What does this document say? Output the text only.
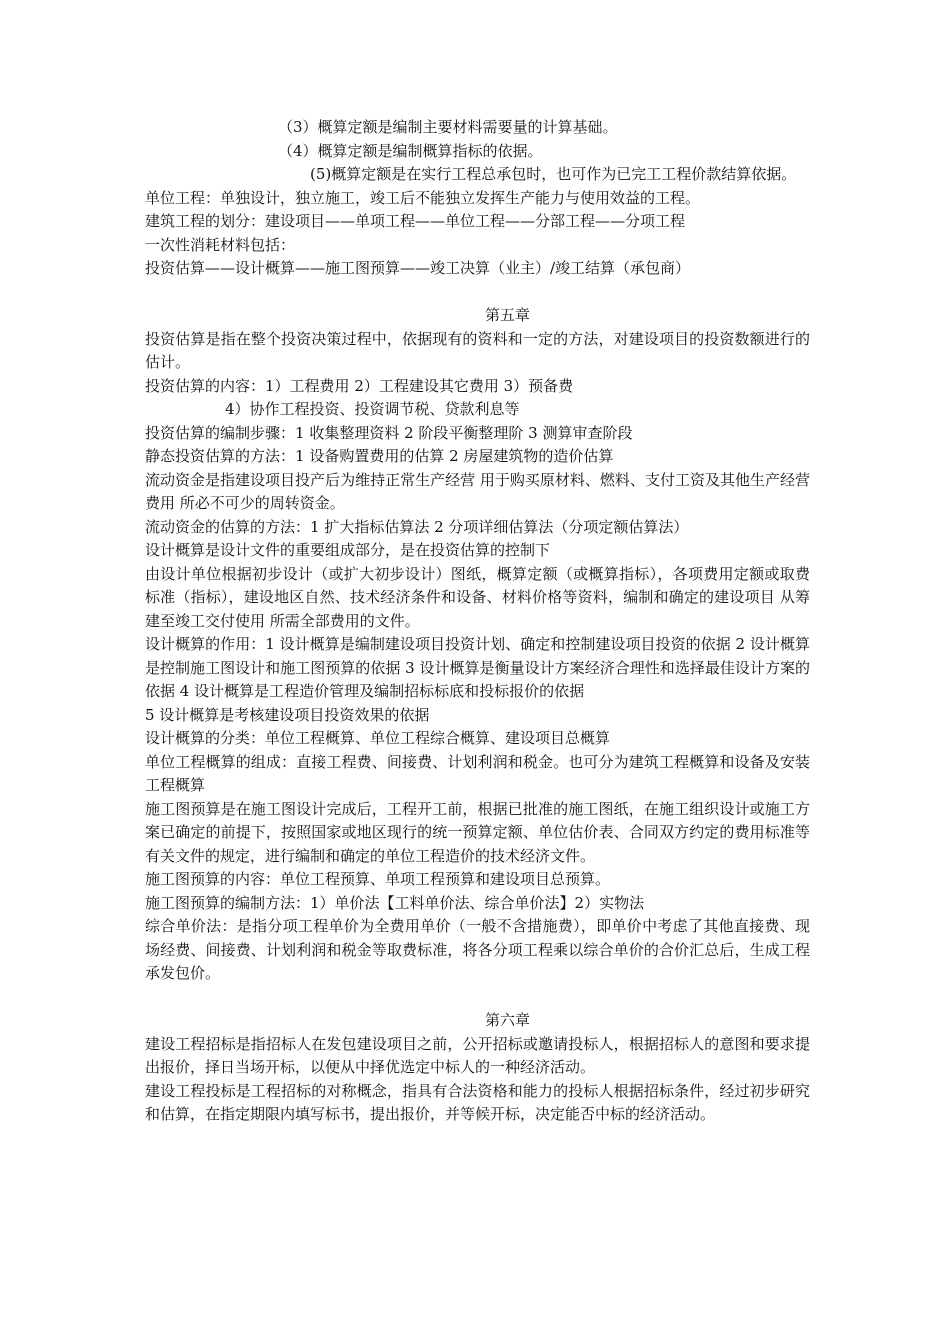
（3）概算定额是编制主要材料需要量的计算基础。
（4）概算定额是编制概算指标的依据。
(5)概算定额是在实行工程总承包时，也可作为已完工工程价款结算依据。
单位工程：单独设计，独立施工，竣工后不能独立发挥生产能力与使用效益的工程。
建筑工程的划分：建设项目——单项工程——单位工程——分部工程——分项工程
一次性消耗材料包括：
投资估算——设计概算——施工图预算——竣工决算（业主）/竣工结算（承包商）
第五章
投资估算是指在整个投资决策过程中，依据现有的资料和一定的方法，对建设项目的投资数额进行的估计。
投资估算的内容：1）工程费用 2）工程建设其它费用 3）预备费
4）协作工程投资、投资调节税、贷款利息等
投资估算的编制步骤：1 收集整理资料 2 阶段平衡整理阶 3 测算审查阶段
静态投资估算的方法：1 设备购置费用的估算 2 房屋建筑物的造价估算
流动资金是指建设项目投产后为维持正常生产经营 用于购买原材料、燃料、支付工资及其他生产经营费用 所必不可少的周转资金。
流动资金的估算的方法：1 扩大指标估算法 2 分项详细估算法（分项定额估算法）
设计概算是设计文件的重要组成部分，是在投资估算的控制下
由设计单位根据初步设计（或扩大初步设计）图纸，概算定额（或概算指标），各项费用定额或取费标准（指标），建设地区自然、技术经济条件和设备、材料价格等资料，编制和确定的建设项目 从筹建至竣工交付使用 所需全部费用的文件。
设计概算的作用：1 设计概算是编制建设项目投资计划、确定和控制建设项目投资的依据 2 设计概算是控制施工图设计和施工图预算的依据 3 设计概算是衡量设计方案经济合理性和选择最佳设计方案的依据 4 设计概算是工程造价管理及编制招标标底和投标报价的依据
5 设计概算是考核建设项目投资效果的依据
设计概算的分类：单位工程概算、单位工程综合概算、建设项目总概算
单位工程概算的组成：直接工程费、间接费、计划利润和税金。也可分为建筑工程概算和设备及安装工程概算
施工图预算是在施工图设计完成后，工程开工前，根据已批准的施工图纸，在施工组织设计或施工方案已确定的前提下，按照国家或地区现行的统一预算定额、单位估价表、合同双方约定的费用标准等有关文件的规定，进行编制和确定的单位工程造价的技术经济文件。
施工图预算的内容：单位工程预算、单项工程预算和建设项目总预算。
施工图预算的编制方法：1）单价法【工料单价法、综合单价法】2）实物法
综合单价法：是指分项工程单价为全费用单价（一般不含措施费），即单价中考虑了其他直接费、现场经费、间接费、计划利润和税金等取费标准，将各分项工程乘以综合单价的合价汇总后，生成工程承发包价。
第六章
建设工程招标是指招标人在发包建设项目之前，公开招标或邀请投标人，根据招标人的意图和要求提出报价，择日当场开标，以便从中择优选定中标人的一种经济活动。
建设工程投标是工程招标的对称概念，指具有合法资格和能力的投标人根据招标条件，经过初步研究和估算，在指定期限内填写标书，提出报价，并等候开标，决定能否中标的经济活动。
